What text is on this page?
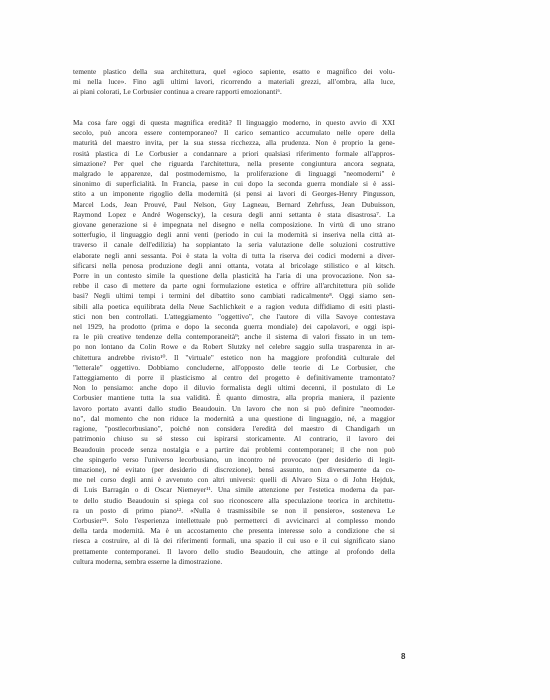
temente plastico della sua architettura, quel «gioco sapiente, esatto e magnifico dei volu-
mi nella luce». Fino agli ultimi lavori, ricorrendo a materiali grezzi, all'ombra, alla luce,
ai piani colorati, Le Corbusier continua a creare rapporti emozionanti⁶.
Ma cosa fare oggi di questa magnifica eredità? Il linguaggio moderno, in questo avvio di XXI
secolo, può ancora essere contemporaneo? Il carico semantico accumulato nelle opere della
maturità del maestro invita, per la sua stessa ricchezza, alla prudenza. Non è proprio la gene-
rosità plastica di Le Corbusier a condannare a priori qualsiasi riferimento formale all'appros-
simazione? Per quel che riguarda l'architettura, nella presente congiuntura ancora segnata,
malgrado le apparenze, dal postmodernismo, la proliferazione di linguaggi "neomoderni" è
sinonimo di superficialità. In Francia, paese in cui dopo la seconda guerra mondiale si è assi-
stito a un imponente rigoglio della modernità (si pensi ai lavori di Georges-Henry Pingusson,
Marcel Lods, Jean Prouvé, Paul Nelson, Guy Lagneau, Bernard Zehrfuss, Jean Dubuisson,
Raymond Lopez e André Wogenscky), la cesura degli anni settanta è stata disastrosa⁷. La
giovane generazione si è impegnata nel disegno e nella composizione. In virtù di uno strano
sotterfugio, il linguaggio degli anni venti (periodo in cui la modernità si inseriva nella città at-
traverso il canale dell'edilizia) ha soppiantato la seria valutazione delle soluzioni costruttive
elaborate negli anni sessanta. Poi è stata la volta di tutta la riserva dei codici moderni a diver-
sificarsi nella penosa produzione degli anni ottanta, votata al bricolage stilistico e al kitsch.
Porre in un contesto simile la questione della plasticità ha l'aria di una provocazione. Non sa-
rebbe il caso di mettere da parte ogni formulazione estetica e offrire all'architettura più solide
basi? Negli ultimi tempi i termini del dibattito sono cambiati radicalmente⁸. Oggi siamo sen-
sibili alla poetica equilibrata della Neue Sachlichkeit e a ragion veduta diffidiamo di esiti plasti-
stici non ben controllati. L'atteggiamento "oggettivo", che l'autore di villa Savoye contestava
nel 1929, ha prodotto (prima e dopo la seconda guerra mondiale) dei capolavori, e oggi ispi-
ra le più creative tendenze della contemporaneità⁹; anche il sistema di valori fissato in un tem-
po non lontano da Colin Rowe e da Robert Slutzky nel celebre saggio sulla trasparenza in ar-
chitettura andrebbe rivisto¹⁰. Il "virtuale" estetico non ha maggiore profondità culturale del
"letterale" oggettivo. Dobbiamo concluderne, all'opposto delle teorie di Le Corbusier, che
l'atteggiamento di porre il plasticismo al centro del progetto è definitivamente tramontato?
Non lo pensiamo: anche dopo il diluvio formalista degli ultimi decenni, il postulato di Le
Corbusier mantiene tutta la sua validità. È quanto dimostra, alla propria maniera, il paziente
lavoro portato avanti dallo studio Beaudouin. Un lavoro che non si può definire "neomoder-
no", dal momento che non riduce la modernità a una questione di linguaggio, né, a maggior
ragione, "postlecorbusiano", poiché non considera l'eredità del maestro di Chandigarh un
patrimonio chiuso su sé stesso cui ispirarsi storicamente. Al contrario, il lavoro dei
Beaudouin procede senza nostalgia e a partire dai problemi contemporanei; il che non può
che spingerlo verso l'universo lecorbusiano, un incontro né provocato (per desiderio di legit-
timazione), né evitato (per desiderio di discrezione), bensì assunto, non diversamente da co-
me nel corso degli anni è avvenuto con altri universi: quelli di Alvaro Siza o di John Hejduk,
di Luis Barragán o di Oscar Niemeyer¹¹. Una simile attenzione per l'estetica moderna da par-
te dello studio Beaudouin si spiega col suo riconoscere alla speculazione teorica in architettu-
ra un posto di primo piano¹². «Nulla è trasmissibile se non il pensiero», sosteneva Le
Corbusier¹³. Solo l'esperienza intellettuale può permetterci di avvicinarci al complesso mondo
della tarda modernità. Ma è un accostamento che presenta interesse solo a condizione che si
riesca a costruire, al di là dei riferimenti formali, una spazio il cui uso e il cui significato siano
prettamente contemporanei. Il lavoro dello studio Beaudouin, che attinge al profondo della
cultura moderna, sembra esserne la dimostrazione.
8
